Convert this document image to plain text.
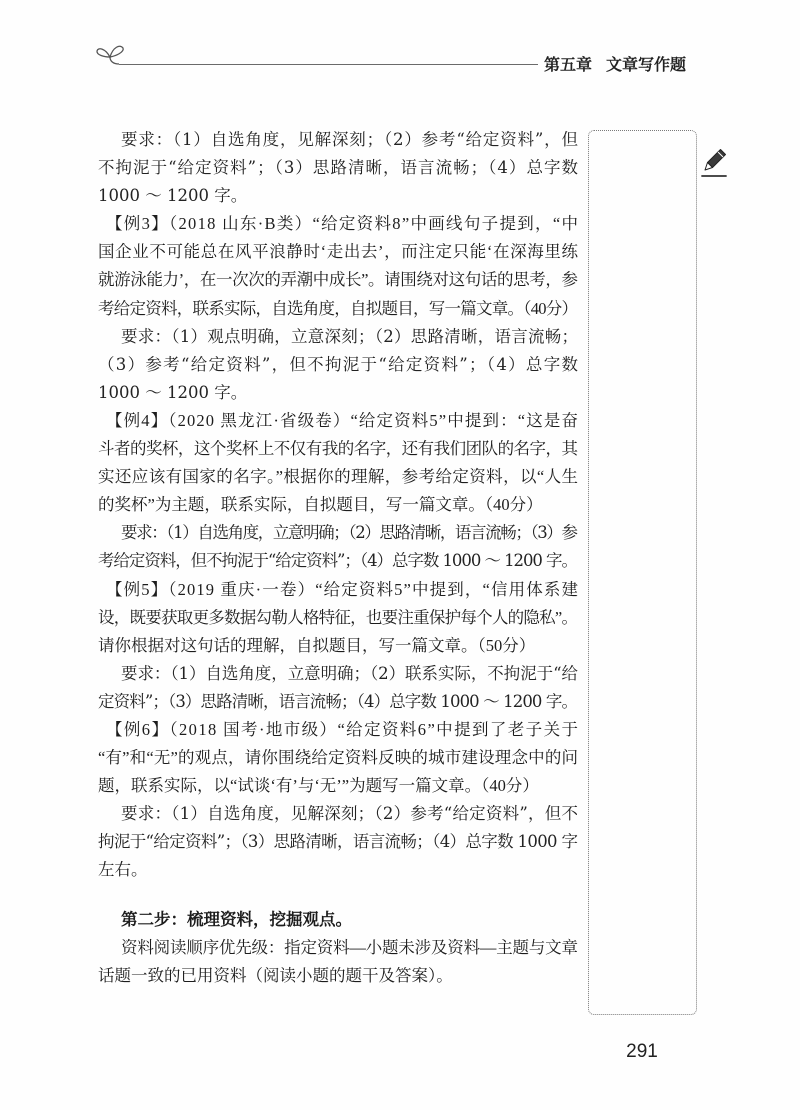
第五章 文章写作题
要求：（1）自选角度，见解深刻；（2）参考“给定资料”，但
不拘泥于“给定资料”；（3）思路清晰，语言流畅；（4）总字数
1000 ～ 1200 字。
【例3】（2018 山东·B类）“给定资料8”中画线句子提到，“中
国企业不可能总在风平浪静时‘走出去’，而注定只能‘在深海里练
就游泳能力’，在一次次的弄潮中成长”。请围绕对这句话的思考，参
考给定资料，联系实际，自选角度，自拟题目，写一篇文章。（40分）
要求：（1）观点明确，立意深刻；（2）思路清晰，语言流畅；
（3）参考“给定资料”，但不拘泥于“给定资料”；（4）总字数
1000 ～ 1200 字。
【例4】（2020 黑龙江·省级卷）“给定资料5”中提到：“这是奋
斗者的奖杯，这个奖杯上不仅有我的名字，还有我们团队的名字，其
实还应该有国家的名字。”根据你的理解，参考给定资料，以“人生
的奖杯”为主题，联系实际，自拟题目，写一篇文章。（40分）
要求：（1）自选角度，立意明确；（2）思路清晰，语言流畅；（3）参
考给定资料，但不拘泥于“给定资料”；（4）总字数 1000 ～ 1200 字。
【例5】（2019 重庆·一卷）“给定资料5”中提到，“信用体系建
设，既要获取更多数据勾勒人格特征，也要注重保护每个人的隐私”。
请你根据对这句话的理解，自拟题目，写一篇文章。（50分）
要求：（1）自选角度，立意明确；（2）联系实际，不拘泥于“给
定资料”；（3）思路清晰，语言流畅；（4）总字数 1000 ～ 1200 字。
【例6】（2018 国考·地市级）“给定资料6”中提到了老子关于
“有”和“无”的观点，请你围绕给定资料反映的城市建设理念中的问
题，联系实际，以“试谈‘有’与‘无’”为题写一篇文章。（40分）
要求：（1）自选角度，见解深刻；（2）参考“给定资料”，但不
拘泥于“给定资料”；（3）思路清晰，语言流畅；（4）总字数 1000 字
左右。
第二步：梳理资料，挖掘观点。
资料阅读顺序优先级：指定资料—小题未涉及资料—主题与文章
话题一致的已用资料（阅读小题的题干及答案）。
291
